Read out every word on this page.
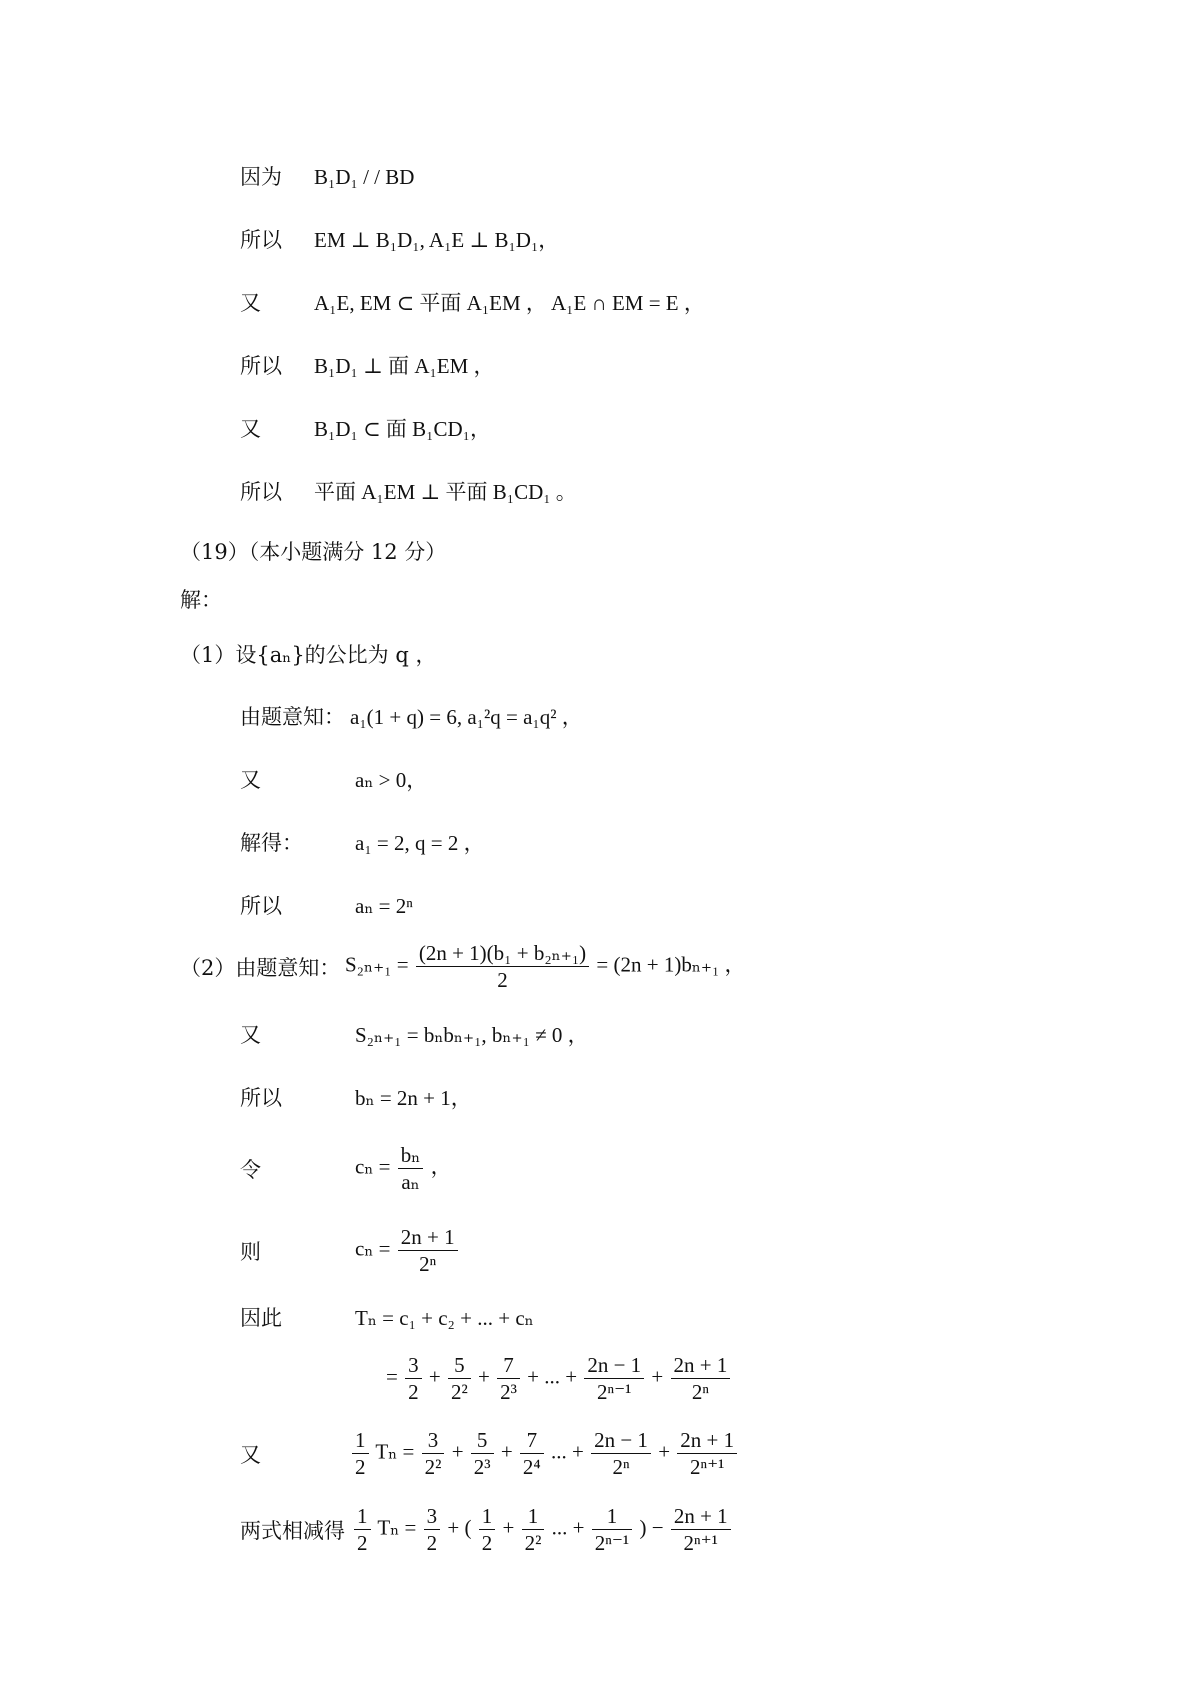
因为 B₁D₁ / / BD
所以 EM ⊥ B₁D₁, A₁E ⊥ B₁D₁，
又	A₁E, EM ⊂ 平面 A₁EM ， A₁E ∩ EM = E ，
所以 B₁D₁ ⊥ 面 A₁EM ，
又	B₁D₁ ⊂ 面 B₁CD₁，
所以 平面 A₁EM ⊥ 平面 B₁CD₁ 。
（19）（本小题满分 12 分）
解：
（1）设{aₙ}的公比为 q ，
由题意知： a₁(1 + q) = 6, a₁²q = a₁q² ，
又	aₙ > 0，
解得： a₁ = 2, q = 2 ，
所以	aₙ = 2ⁿ
（2）由题意知： $S_{2n+1} = \frac{\text{(2n + 1)(b₁ + b₂ₙ₊₁)}}{2} = (2n + 1)b_{n+1}$ ，
又	S₂ₙ₊₁ = bₙbₙ₊₁, bₙ₊₁ ≠ 0 ，
所以	bₙ = 2n + 1，
令	$c_n = \frac{\text{bₙ}}{\text{aₙ}}$ ，
则	$c_n = \frac{2n + 1}{\text{2ⁿ}}$
因此	Tₙ = c₁ + c₂ + ... + cₙ
= $\frac{3}{2} + \frac{5}{\text{2²}} + \frac{7}{\text{2³}}$ + ... + $\frac{2n - 1}{\text{2ⁿ⁻¹}} + \frac{2n + 1}{\text{2ⁿ}}$
又	$\frac{1}{2}$ $T_n = \frac{3}{\text{2²}} + \frac{5}{\text{2³}} + \frac{7}{\text{2⁴}}$ ... + $\frac{2n - 1}{\text{2ⁿ}} + \frac{2n + 1}{\text{2ⁿ⁺¹}}$
两式相减得 $\frac{1}{2}$ $T_n = \frac{3}{2}$ + ( $\frac{1}{2} + \frac{1}{\text{2²}}$ ... + $\frac{1}{\text{2ⁿ⁻¹}}$ ) − $\frac{2n + 1}{\text{2ⁿ⁺¹}}$
